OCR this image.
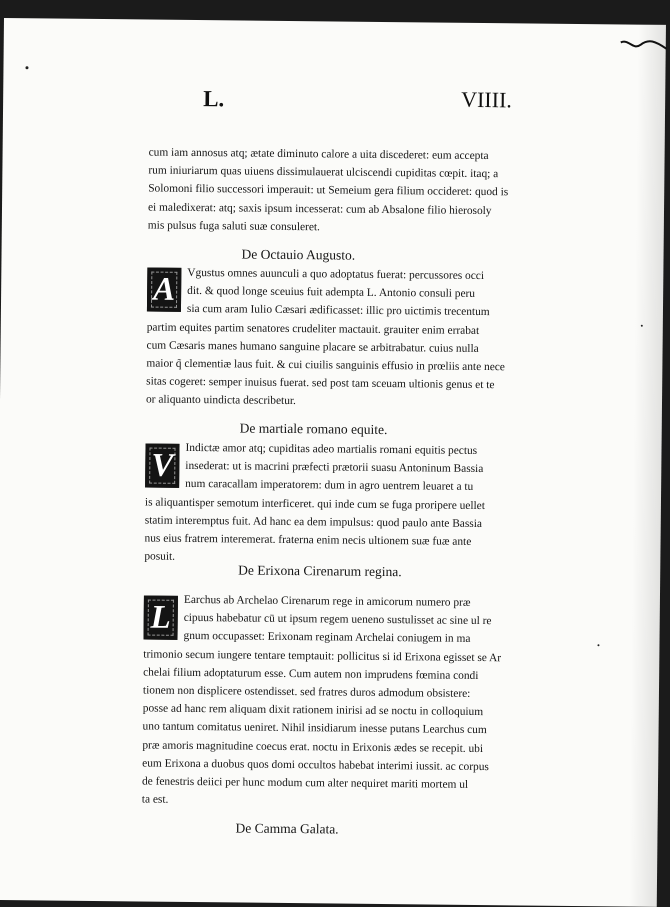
L.	VIIII.
cum iam annosus atq; ætate diminuto calore a uita discederet: eum accepta
rum iniuriarum quas uiuens dissimulauerat ulciscendi cupiditas cœpit. itaq; a
Solomoni filio successori imperauit: ut Semeium gera filium occideret: quod is
ei maledixerat: atq; saxis ipsum incesserat: cum ab Absalone filio hierosoly
mis pulsus fuga saluti suæ consuleret.
De Octauio Augusto.
A	Vgustus omnes auunculi a quo adoptatus fuerat: percussores occi
dit. & quod longe sceuius fuit adempta L. Antonio consuli peru
sia cum aram Iulio Cæsari ædificasset: illic pro uictimis trecentum
partim equites partim senatores crudeliter mactauit. grauiter enim errabat
cum Cæsaris manes humano sanguine placare se arbitrabatur. cuius nulla
maior q̃ clementiæ laus fuit. & cui ciuilis sanguinis effusio in prœliis ante nece
sitas cogeret: semper inuisus fuerat. sed post tam sceuam ultionis genus et te
or aliquanto uindicta describetur.
De martiale romano equite.
V	Indictæ amor atq; cupiditas adeo martialis romani equitis pectus
insederat: ut is macrini præfecti prætorii suasu Antoninum Bassia
num caracallam imperatorem: dum in agro uentrem leuaret a tu
is aliquantisper semotum interficeret. qui inde cum se fuga proripere uellet
statim interemptus fuit. Ad hanc ea dem impulsus: quod paulo ante Bassia
nus eius fratrem interemerat. fraterna enim necis ultionem suæ fuæ ante
posuit.
De Erixona Cirenarum regina.
L	Earchus ab Archelao Cirenarum rege in amicorum numero præ
cipuus habebatur cū ut ipsum regem ueneno sustulisset ac sine ul re
gnum occupasset: Erixonam reginam Archelai coniugem in ma
trimonio secum iungere tentare temptauit: pollicitus si id Erixona egisset se Ar
chelai filium adoptaturum esse. Cum autem non imprudens fœmina condi
tionem non displicere ostendisset. sed fratres duros admodum obsistere:
posse ad hanc rem aliquam dixit rationem inirisi ad se noctu in colloquium
uno tantum comitatus ueniret. Nihil insidiarum inesse putans Learchus cum
præ amoris magnitudine coecus erat. noctu in Erixonis ædes se recepit. ubi
eum Erixona a duobus quos domi occultos habebat interimi iussit. ac corpus
de fenestris deiici per hunc modum cum alter nequiret mariti mortem ul
ta est.
De Camma Galata.
